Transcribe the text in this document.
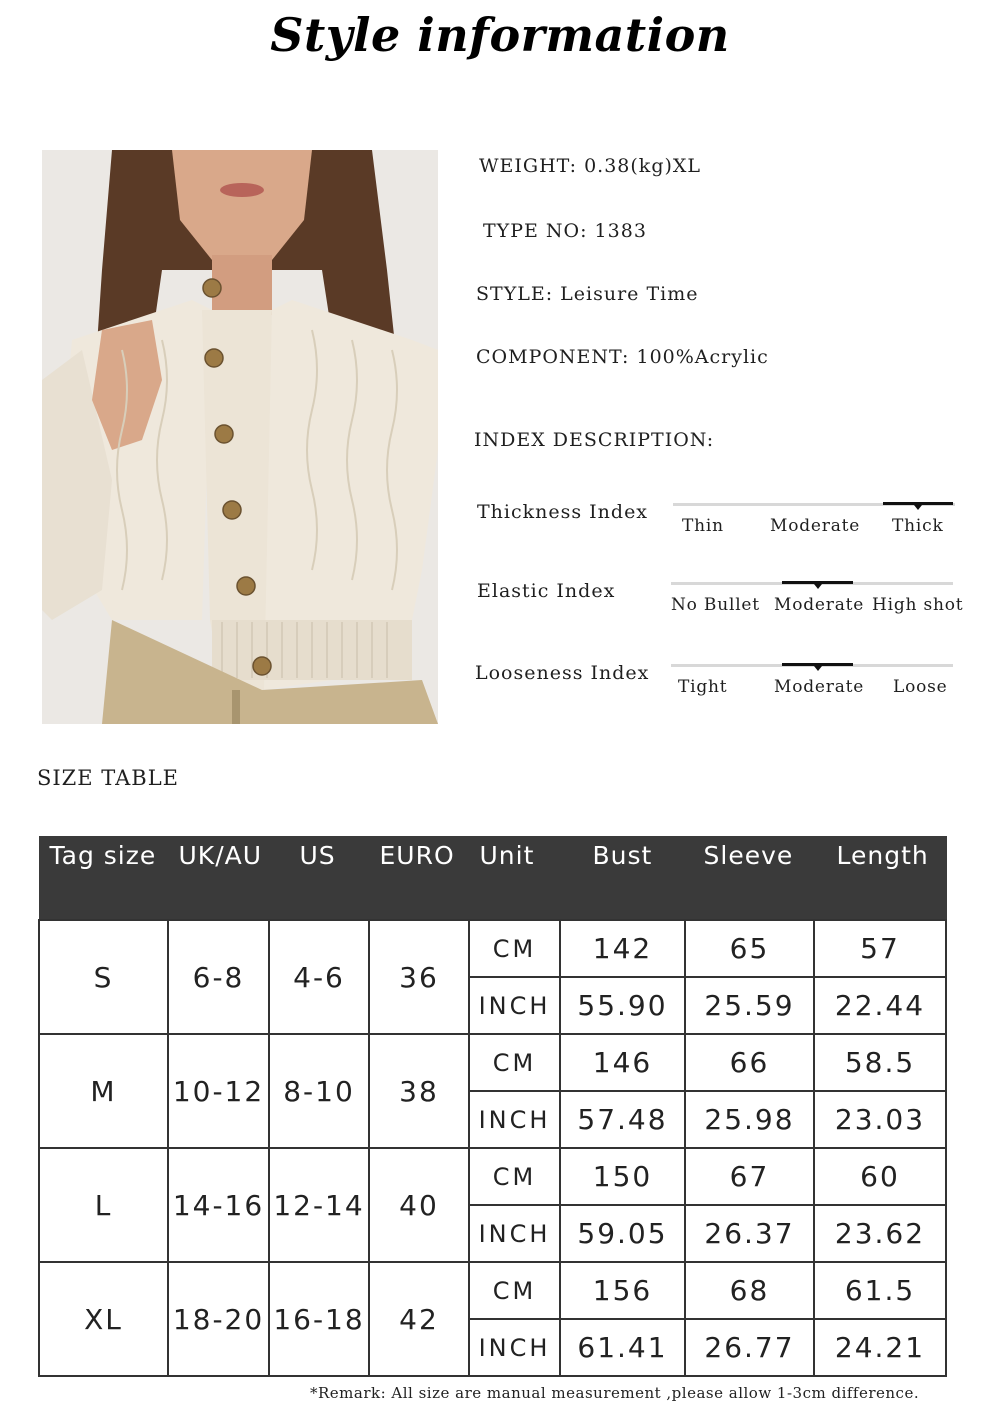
Style information
WEIGHT: 0.38(kg)XL
TYPE NO: 1383
STYLE: Leisure Time
COMPONENT: 100%Acrylic
INDEX DESCRIPTION:
Thickness Index
Thin	Moderate Thick
Elastic Index
No Bullet Moderate High shot
Looseness Index
Tight	Moderate Loose
SIZE TABLE
Tag size	UK/AU	US	EURO	Unit	Bust	Sleeve	Length
S	6-8	4-6	36	CM	142	65	57
				INCH	55.90	25.59	22.44
M	10-12	8-10	38	CM	146	66	58.5
				INCH	57.48	25.98	23.03
L	14-16	12-14	40	CM	150	67	60
				INCH	59.05	26.37	23.62
XL	18-20	16-18	42	CM	156	68	61.5
				INCH	61.41	26.77	24.21
*Remark: All size are manual measurement ,please allow 1-3cm difference.
